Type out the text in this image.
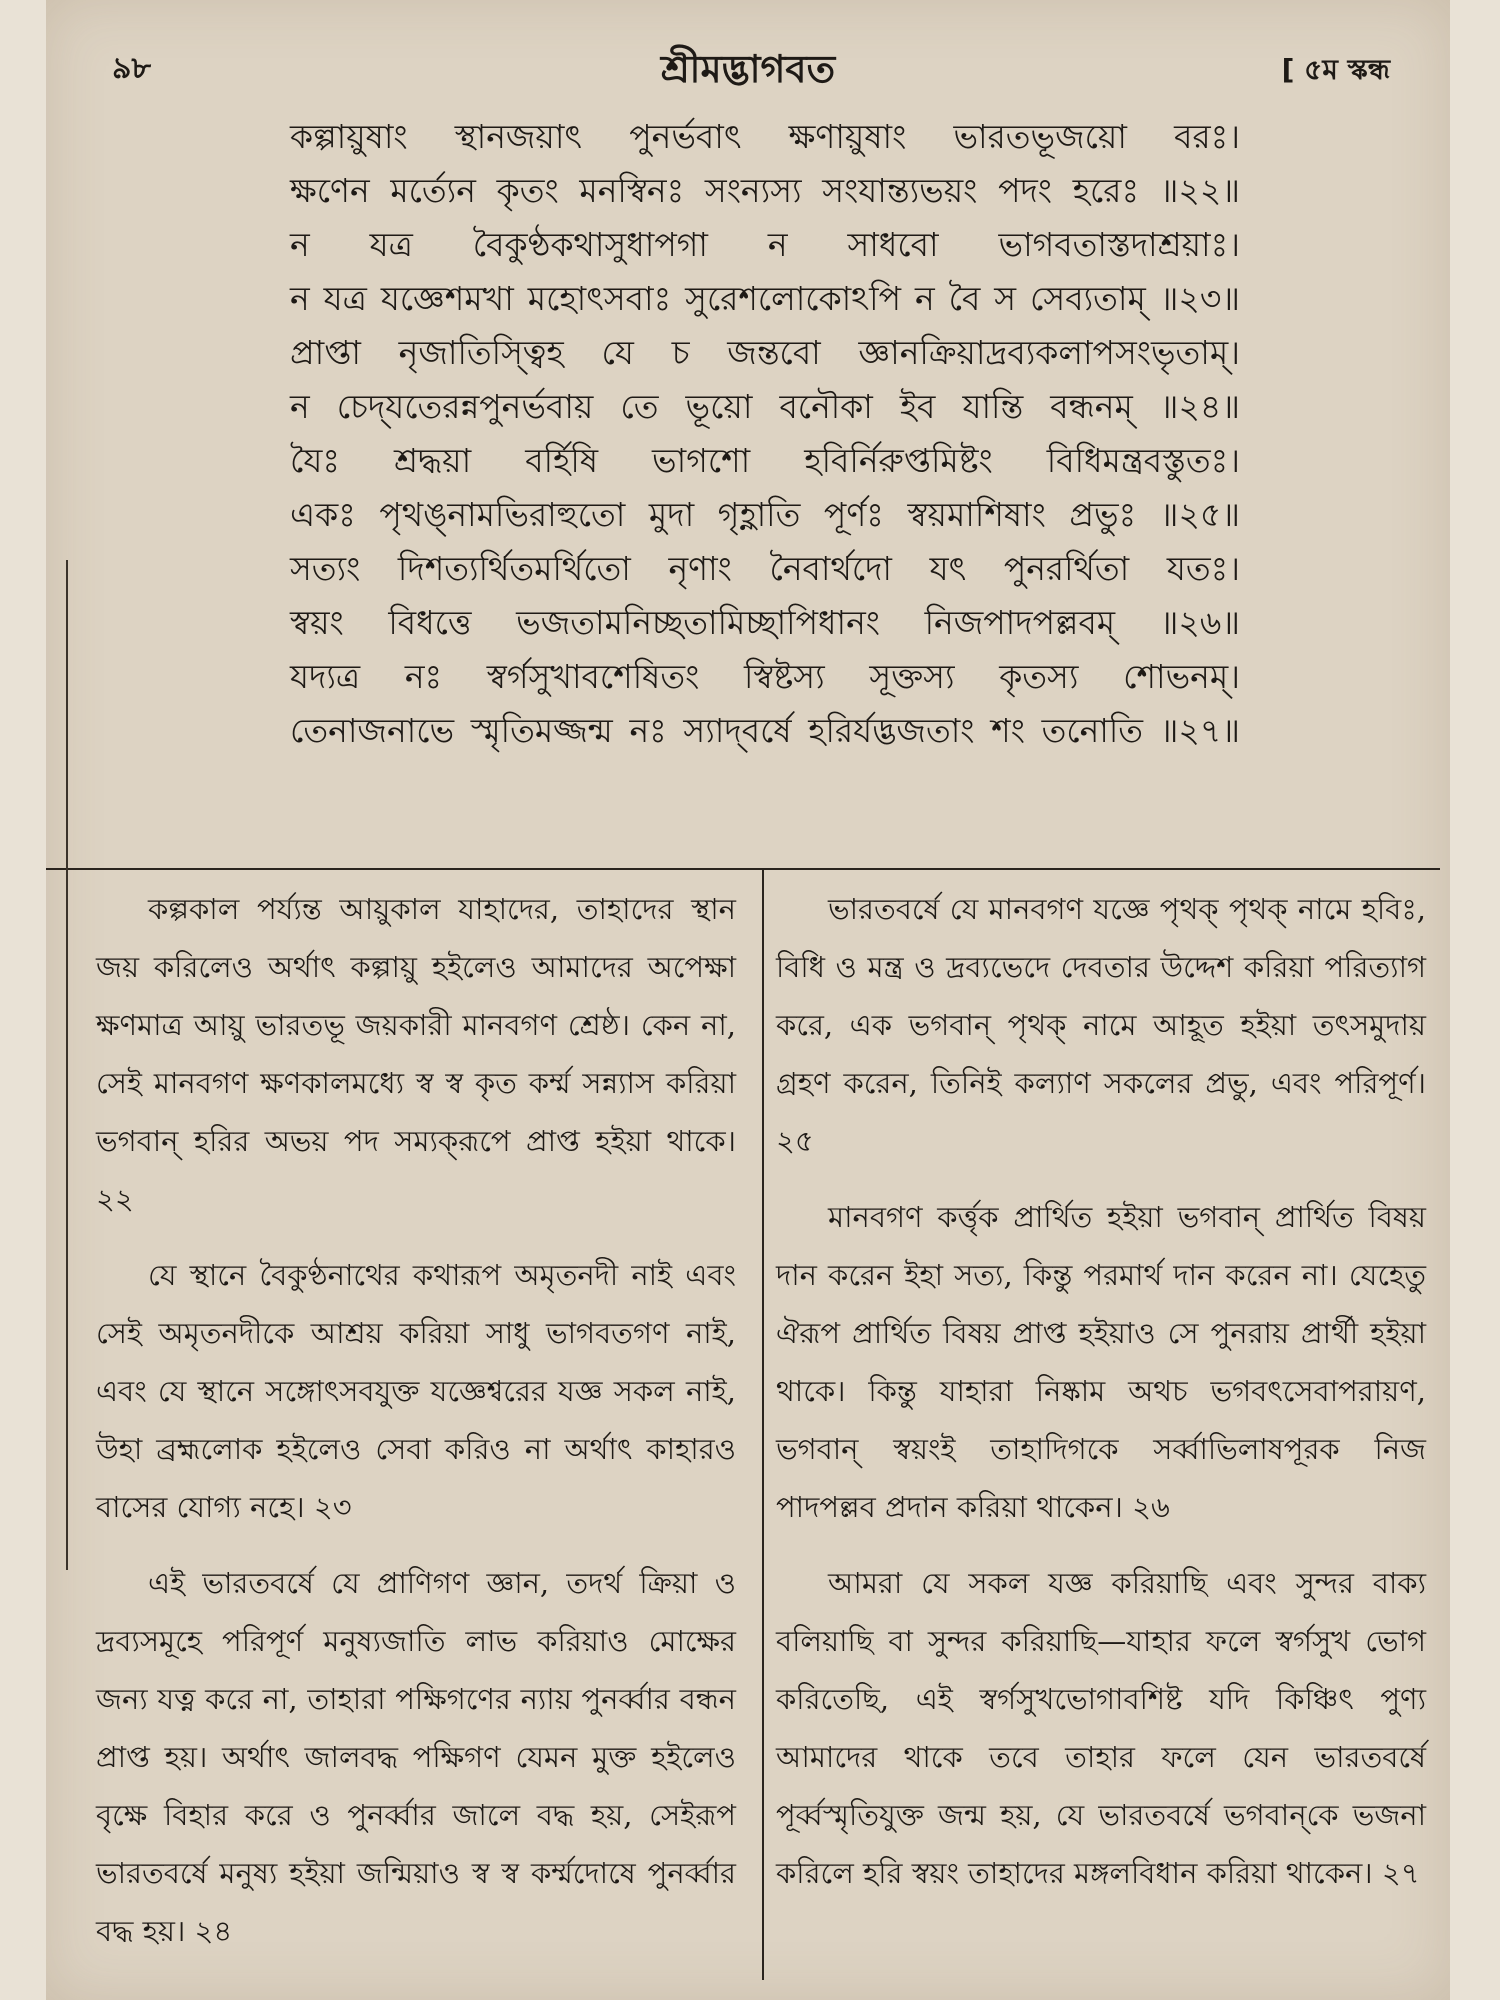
৯৮	শ্রীমদ্ভাগবত	[ ৫ম স্কন্ধ
কল্পায়ুষাং স্থানজয়াৎ পুনর্ভবাৎ ক্ষণায়ুষাং ভারতভূজয়ো বরঃ।
ক্ষণেন মর্ত্যেন কৃতং মনস্বিনঃ সংন্যস্য সংযান্ত্যভয়ং পদং হরেঃ ॥২২॥
ন যত্র বৈকুণ্ঠকথাসুধাপগা ন সাধবো ভাগবতাস্তদাশ্রয়াঃ।
ন যত্র যজ্ঞেশমখা মহোৎসবাঃ সুরেশলোকোঽপি ন বৈ স সেব্যতাম্ ॥২৩॥
প্রাপ্তা নৃজাতিস্ত্বিহ যে চ জন্তবো জ্ঞানক্রিয়াদ্রব্যকলাপসংভৃতাম্।
ন চেদ্‌যতেরন্নপুনর্ভবায় তে ভূয়ো বনৌকা ইব যান্তি বন্ধনম্ ॥২৪॥
যৈঃ শ্রদ্ধয়া বর্হিষি ভাগশো হবির্নিরুপ্তমিষ্টং বিধিমন্ত্রবস্তুতঃ।
একঃ পৃথঙ্নামভিরাহুতো মুদা গৃহ্ণাতি পূর্ণঃ স্বয়মাশিষাং প্রভুঃ ॥২৫॥
সত্যং দিশত্যর্থিতমর্থিতো নৃণাং নৈবার্থদো যৎ পুনরর্থিতা যতঃ।
স্বয়ং বিধত্তে ভজতামনিচ্ছতামিচ্ছাপিধানং নিজপাদপল্লবম্ ॥২৬॥
যদ্যত্র নঃ স্বর্গসুখাবশেষিতং স্বিষ্টস্য সূক্তস্য কৃতস্য শোভনম্।
তেনাজনাভে স্মৃতিমজ্জন্ম নঃ স্যাদ্‌বর্ষে হরির্যদ্ভজতাং শং তনোতি ॥২৭॥

কল্পকাল পর্য্যন্ত আয়ুকাল যাহাদের, তাহাদের স্থান জয় করিলেও অর্থাৎ কল্পায়ু হইলেও আমাদের অপেক্ষা ক্ষণমাত্র আয়ু ভারতভূ জয়কারী মানবগণ শ্রেষ্ঠ। কেন না, সেই মানবগণ ক্ষণকালমধ্যে স্ব স্ব কৃত কর্ম্ম সন্ন্যাস করিয়া ভগবান্ হরির অভয় পদ সম্যক্‌রূপে প্রাপ্ত হইয়া থাকে। ২২

যে স্থানে বৈকুণ্ঠনাথের কথারূপ অমৃতনদী নাই এবং সেই অমৃতনদীকে আশ্রয় করিয়া সাধু ভাগবতগণ নাই, এবং যে স্থানে সঙ্গোৎসবযুক্ত যজ্ঞেশ্বরের যজ্ঞ সকল নাই, উহা ব্রহ্মলোক হইলেও সেবা করিও না অর্থাৎ কাহারও বাসের যোগ্য নহে। ২৩

এই ভারতবর্ষে যে প্রাণিগণ জ্ঞান, তদর্থ ক্রিয়া ও দ্রব্যসমূহে পরিপূর্ণ মনুষ্যজাতি লাভ করিয়াও মোক্ষের জন্য যত্ন করে না, তাহারা পক্ষিগণের ন্যায় পুনর্ব্বার বন্ধন প্রাপ্ত হয়। অর্থাৎ জালবদ্ধ পক্ষিগণ যেমন মুক্ত হইলেও বৃক্ষে বিহার করে ও পুনর্ব্বার জালে বদ্ধ হয়, সেইরূপ ভারতবর্ষে মনুষ্য হইয়া জন্মিয়াও স্ব স্ব কর্ম্মদোষে পুনর্ব্বার বদ্ধ হয়। ২৪

ভারতবর্ষে যে মানবগণ যজ্ঞে পৃথক্ পৃথক্ নামে হবিঃ, বিধি ও মন্ত্র ও দ্রব্যভেদে দেবতার উদ্দেশ করিয়া পরিত্যাগ করে, এক ভগবান্ পৃথক্ নামে আহূত হইয়া তৎসমুদায় গ্রহণ করেন, তিনিই কল্যাণ সকলের প্রভু, এবং পরিপূর্ণ। ২৫

মানবগণ কর্ত্তৃক প্রার্থিত হইয়া ভগবান্ প্রার্থিত বিষয় দান করেন ইহা সত্য, কিন্তু পরমার্থ দান করেন না। যেহেতু ঐরূপ প্রার্থিত বিষয় প্রাপ্ত হইয়াও সে পুনরায় প্রার্থী হইয়া থাকে। কিন্তু যাহারা নিষ্কাম অথচ ভগবৎসেবাপরায়ণ, ভগবান্ স্বয়ংই তাহাদিগকে সর্ব্বাভিলাষপূরক নিজ পাদপল্লব প্রদান করিয়া থাকেন। ২৬

আমরা যে সকল যজ্ঞ করিয়াছি এবং সুন্দর বাক্য বলিয়াছি বা সুন্দর করিয়াছি—যাহার ফলে স্বর্গসুখ ভোগ করিতেছি, এই স্বর্গসুখভোগাবশিষ্ট যদি কিঞ্চিৎ পুণ্য আমাদের থাকে তবে তাহার ফলে যেন ভারতবর্ষে পূর্ব্বস্মৃতিযুক্ত জন্ম হয়, যে ভারতবর্ষে ভগবান্‌কে ভজনা করিলে হরি স্বয়ং তাহাদের মঙ্গলবিধান করিয়া থাকেন। ২৭
